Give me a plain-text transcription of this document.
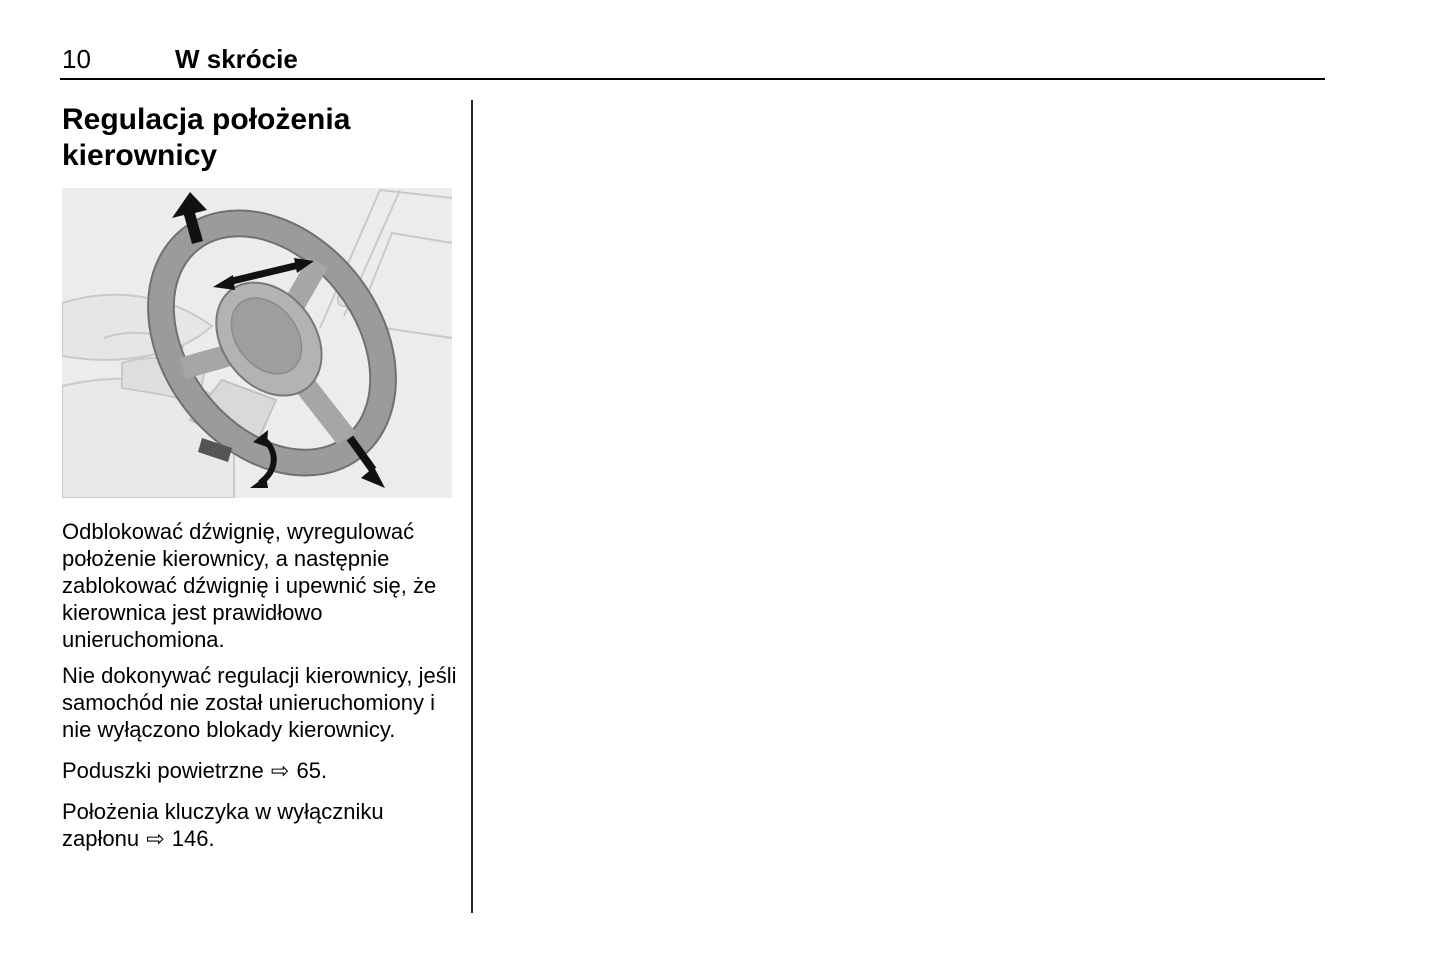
10	W skrócie
Regulacja położenia
kierownicy

Odblokować dźwignię, wyregulować położenie kierownicy, a następnie zablokować dźwignię i upewnić się, że kierownica jest prawidłowo unieruchomiona.

Nie dokonywać regulacji kierownicy, jeśli samochód nie został unieruchomiony i nie wyłączono blokady kierownicy.

Poduszki powietrzne ⇨ 65.

Położenia kluczyka w wyłączniku zapłonu ⇨ 146.
